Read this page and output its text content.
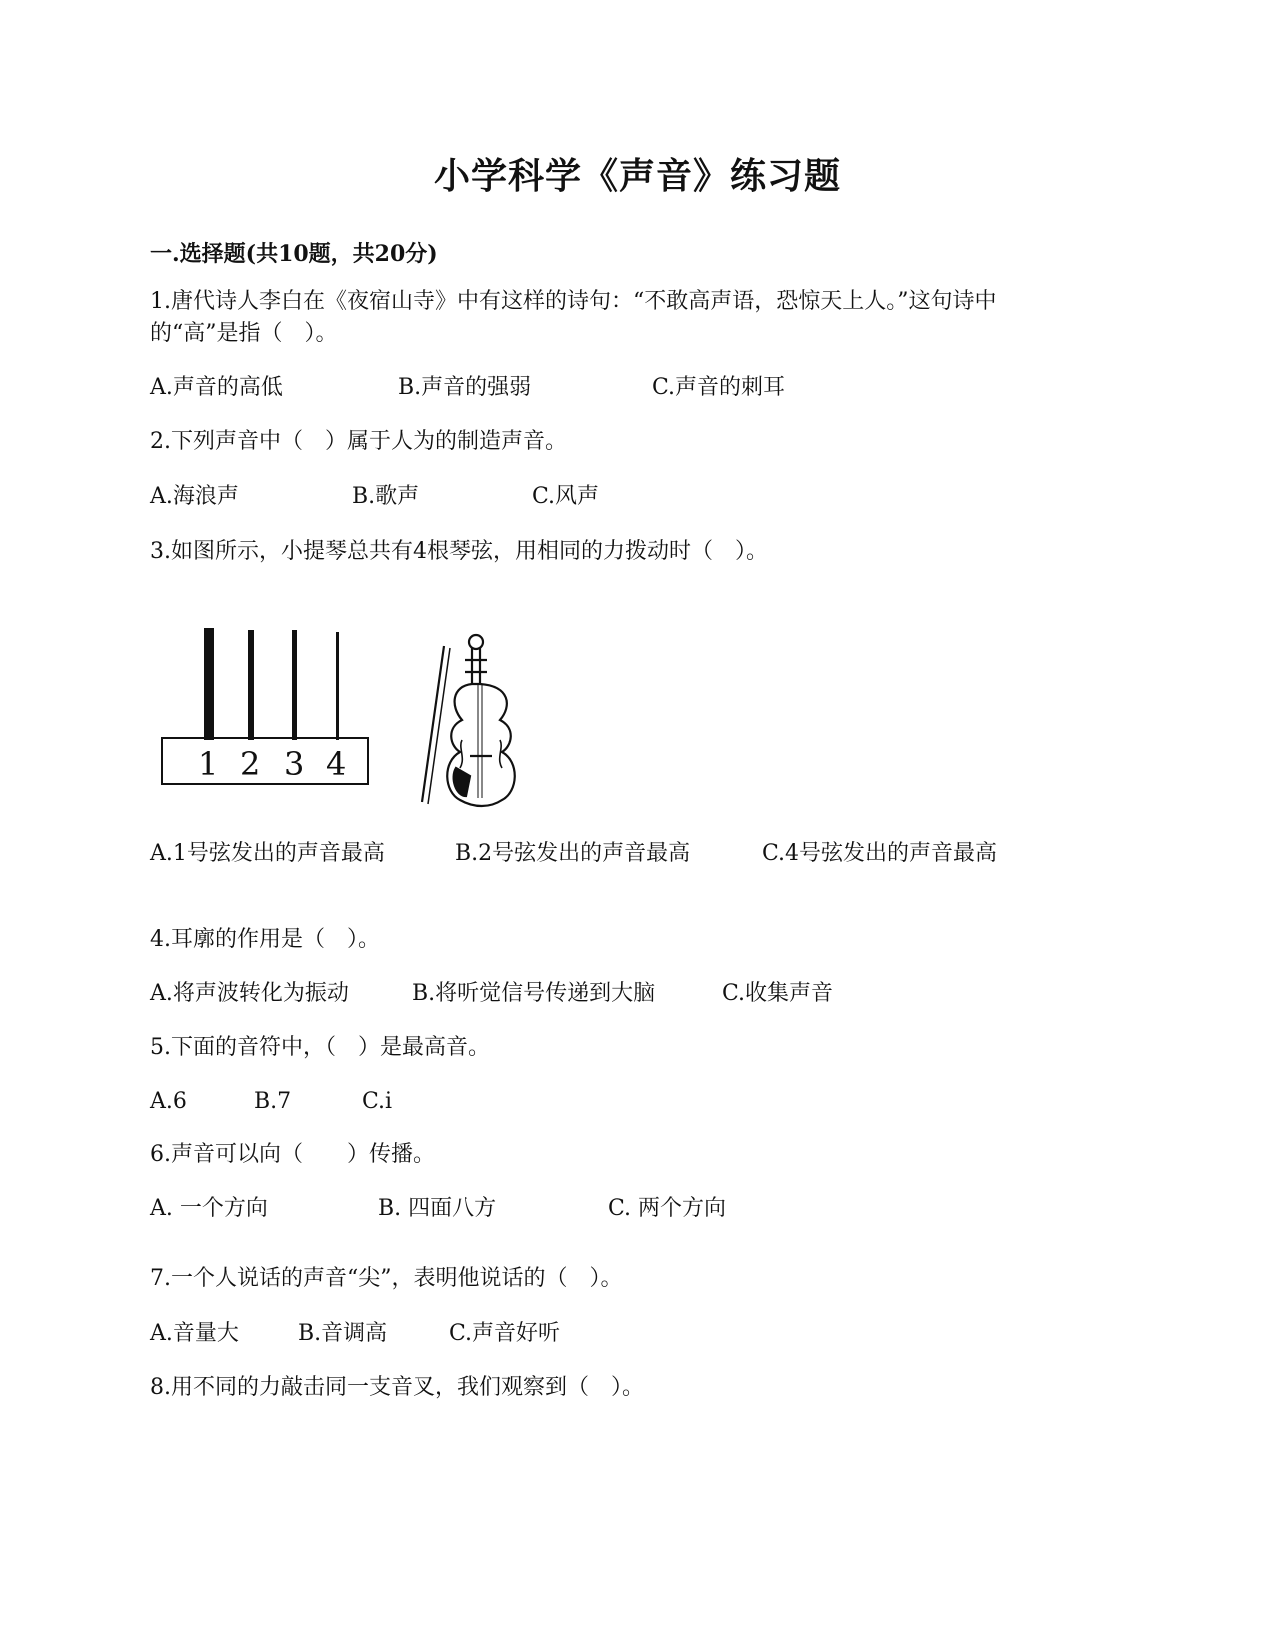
小学科学《声音》练习题
一.选择题(共10题，共20分)
1.唐代诗人李白在《夜宿山寺》中有这样的诗句：“不敢高声语，恐惊天上人。”这句诗中
的“高”是指（　）。
A.声音的高低	B.声音的强弱	C.声音的刺耳
2.下列声音中（　）属于人为的制造声音。
A.海浪声	B.歌声	C.风声
3.如图所示，小提琴总共有4根琴弦，用相同的力拨动时（　）。
1 2 3 4
A.1号弦发出的声音最高	B.2号弦发出的声音最高	C.4号弦发出的声音最高
4.耳廓的作用是（　）。
A.将声波转化为振动	B.将听觉信号传递到大脑	C.收集声音
5.下面的音符中，（　）是最高音。
A.6	B.7	C.i
6.声音可以向（　　）传播。
A. 一个方向	B. 四面八方	C. 两个方向
7.一个人说话的声音“尖”，表明他说话的（　）。
A.音量大	B.音调高	C.声音好听
8.用不同的力敲击同一支音叉，我们观察到（　）。
